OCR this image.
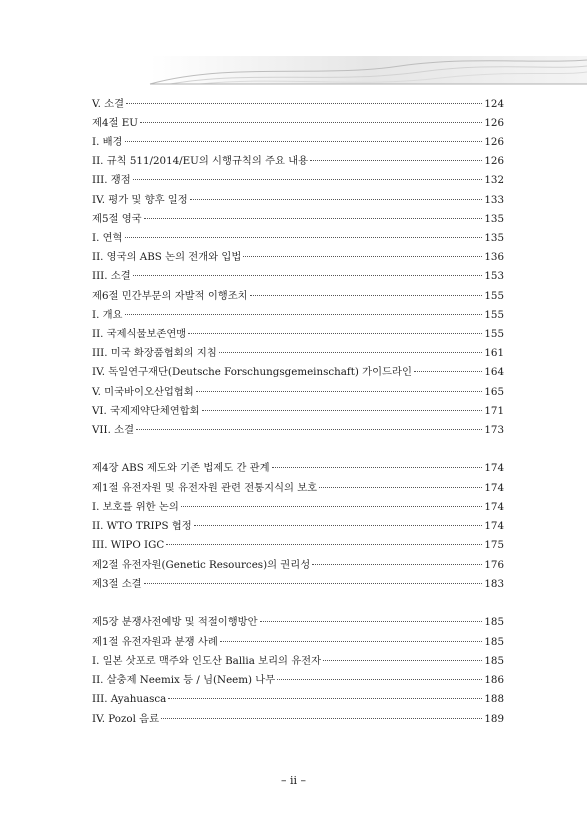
V. 소결	124
제4절 EU	126
I. 배경	126
II. 규칙 511/2014/EU의 시행규칙의 주요 내용	126
III. 쟁점	132
IV. 평가 및 향후 일정	133
제5절 영국	135
I. 연혁	135
II. 영국의 ABS 논의 전개와 입법	136
III. 소결	153
제6절 민간부문의 자발적 이행조치	155
I. 개요	155
II. 국제식물보존연맹	155
III. 미국 화장품협회의 지침	161
IV. 독일연구재단(Deutsche Forschungsgemeinschaft) 가이드라인	164
V. 미국바이오산업협회	165
VI. 국제제약단체연합회	171
VII. 소결	173
제4장 ABS 제도와 기존 법제도 간 관계	174
제1절 유전자원 및 유전자원 관련 전통지식의 보호	174
I. 보호를 위한 논의	174
II. WTO TRIPS 협정	174
III. WIPO IGC	175
제2절 유전자원(Genetic Resources)의 권리성	176
제3절 소결	183
제5장 분쟁사전예방 및 적절이행방안	185
제1절 유전자원과 분쟁 사례	185
I. 일본 삿포로 맥주와 인도산 Ballia 보리의 유전자	185
II. 살충제 Neemix 등 / 님(Neem) 나무	186
III. Ayahuasca	188
IV. Pozol 음료	189
– ii –
